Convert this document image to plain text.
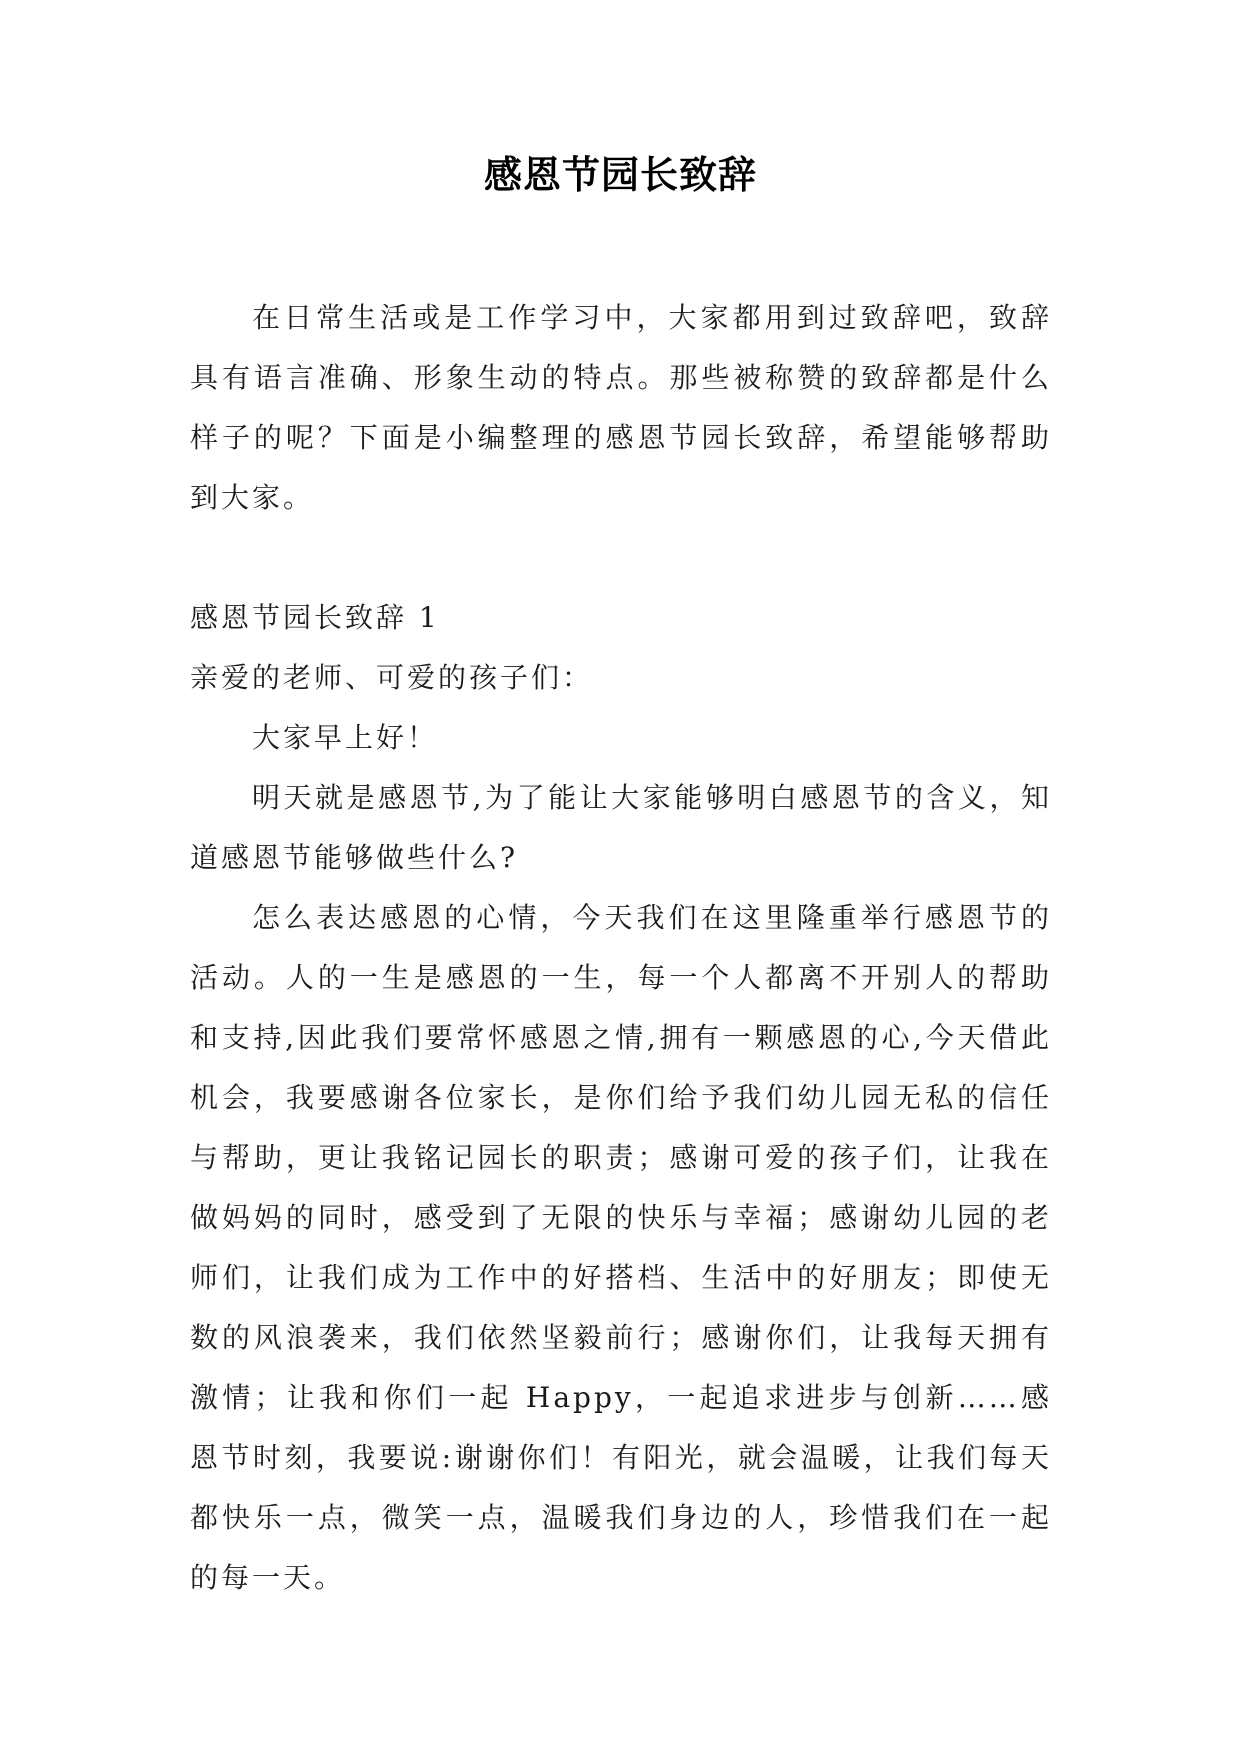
感恩节园长致辞

在日常生活或是工作学习中，大家都用到过致辞吧，致辞具有语言准确、形象生动的特点。那些被称赞的致辞都是什么样子的呢？下面是小编整理的感恩节园长致辞，希望能够帮助到大家。

感恩节园长致辞 1

亲爱的老师、可爱的孩子们：

大家早上好！

明天就是感恩节,为了能让大家能够明白感恩节的含义，知道感恩节能够做些什么?

怎么表达感恩的心情，今天我们在这里隆重举行感恩节的活动。人的一生是感恩的一生，每一个人都离不开别人的帮助和支持,因此我们要常怀感恩之情,拥有一颗感恩的心,今天借此机会，我要感谢各位家长，是你们给予我们幼儿园无私的信任与帮助，更让我铭记园长的职责；感谢可爱的孩子们，让我在做妈妈的同时，感受到了无限的快乐与幸福；感谢幼儿园的老师们，让我们成为工作中的好搭档、生活中的好朋友；即使无数的风浪袭来，我们依然坚毅前行；感谢你们，让我每天拥有激情；让我和你们一起 Happy，一起追求进步与创新……感恩节时刻，我要说:谢谢你们！有阳光，就会温暖，让我们每天都快乐一点，微笑一点，温暖我们身边的人，珍惜我们在一起的每一天。
